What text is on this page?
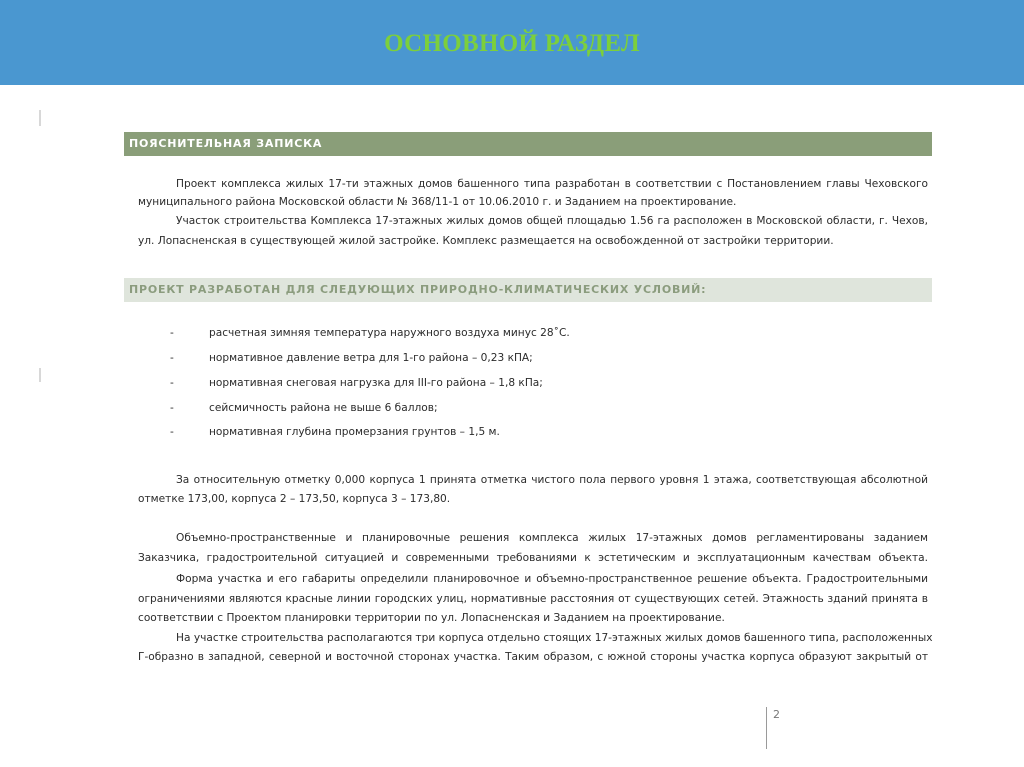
ОСНОВНОЙ РАЗДЕЛ
ПОЯСНИТЕЛЬНАЯ ЗАПИСКА
Проект комплекса жилых 17-ти этажных домов башенного типа разработан в соответствии с Постановлением главы Чеховского
муниципального района Московской области № 368/11-1 от 10.06.2010 г. и Заданием на проектирование.
Участок строительства Комплекса 17-этажных жилых домов общей площадью 1.56 га расположен в Московской области, г. Чехов,
ул. Лопасненская в существующей жилой застройке. Комплекс размещается на освобожденной от застройки территории.
ПРОЕКТ РАЗРАБОТАН ДЛЯ СЛЕДУЮЩИХ ПРИРОДНО-КЛИМАТИЧЕСКИХ УСЛОВИЙ:
-	расчетная зимняя температура наружного воздуха минус 28˚С.
-	нормативное давление ветра для 1-го района – 0,23 кПА;
-	нормативная снеговая нагрузка для III-го района – 1,8 кПа;
-	сейсмичность района не выше 6 баллов;
-	нормативная глубина промерзания грунтов – 1,5 м.
За относительную отметку 0,000 корпуса 1 принята отметка чистого пола первого уровня 1 этажа, соответствующая абсолютной
отметке 173,00, корпуса 2 – 173,50, корпуса 3 – 173,80.
Объемно-пространственные и планировочные решения комплекса жилых 17-этажных домов регламентированы заданием
Заказчика, градостроительной ситуацией и современными требованиями к эстетическим и эксплуатационным качествам объекта.
Форма участка и его габариты определили планировочное и объемно-пространственное решение объекта. Градостроительными
ограничениями являются красные линии городских улиц, нормативные расстояния от существующих сетей. Этажность зданий принята в
соответствии с Проектом планировки территории по ул. Лопасненская и Заданием на проектирование.
На участке строительства располагаются три корпуса отдельно стоящих 17-этажных жилых домов башенного типа, расположенных
Г-образно в западной, северной и восточной сторонах участка. Таким образом, с южной стороны участка корпуса образуют закрытый от
2
